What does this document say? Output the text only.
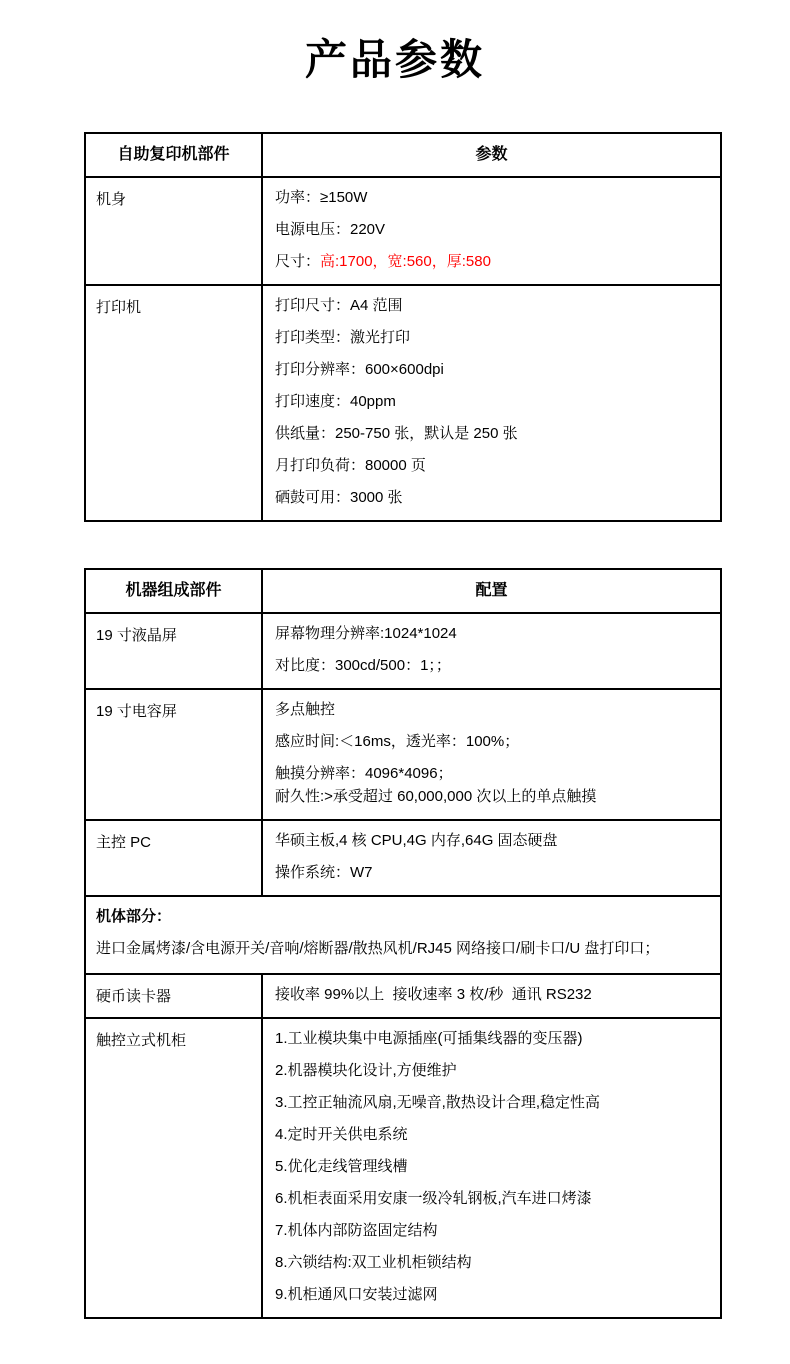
产品参数
自助复印机部件	参数
机身	功率：≥150W

电源电压：220V

尺寸：高:1700，宽:560，厚:580

打印机	打印尺寸：A4 范围

打印类型：激光打印

打印分辨率：600×600dpi

打印速度：40ppm

供纸量：250-750 张，默认是 250 张

月打印负荷：80000 页

硒鼓可用：3000 张

机器组成部件	配置
19 寸液晶屏	屏幕物理分辨率:1024*1024

对比度：300cd/500：1；；

19 寸电容屏	多点触控

感应时间:＜16ms，透光率：100%；

触摸分辨率：4096*4096；

耐久性:>承受超过 60,000,000 次以上的单点触摸

主控 PC	华硕主板,4 核 CPU,4G 内存,64G 固态硬盘

操作系统：W7

机体部分：

进口金属烤漆/含电源开关/音响/熔断器/散热风机/RJ45 网络接口/刷卡口/U 盘打印口；	

硬币读卡器	接收率 99%以上  接收速率 3 枚/秒  通讯 RS232

触控立式机柜	1.工业模块集中电源插座(可插集线器的变压器)

2.机器模块化设计,方便维护

3.工控正轴流风扇,无噪音,散热设计合理,稳定性高

4.定时开关供电系统

5.优化走线管理线槽

6.机柜表面采用安康一级冷轧钢板,汽车进口烤漆

7.机体内部防盗固定结构

8.六锁结构:双工业机柜锁结构

9.机柜通风口安装过滤网
